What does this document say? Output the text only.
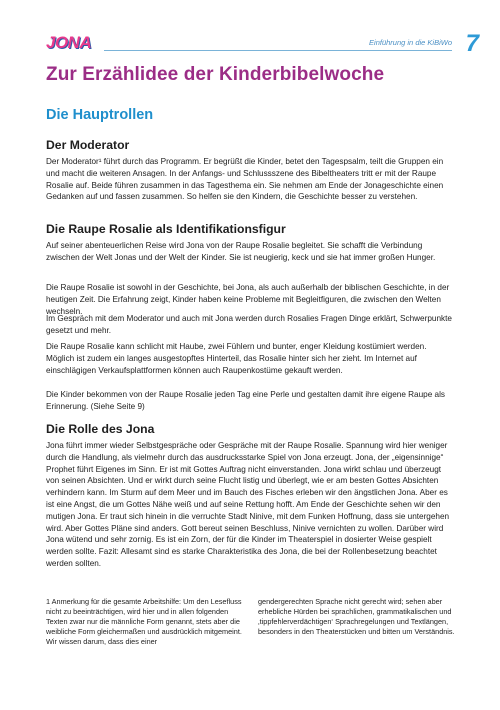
JONA	Einführung in die KiBiWo 7
Zur Erzählidee der Kinderbibelwoche
Die Hauptrollen
Der Moderator

Der Moderator¹ führt durch das Programm. Er begrüßt die Kinder, betet den Tagespsalm, teilt die Gruppen ein und macht die weiteren Ansagen. In der Anfangs- und Schlussszene des Bibeltheaters tritt er mit der Raupe Rosalie auf. Beide führen zusammen in das Tagesthema ein. Sie nehmen am Ende der Jonageschichte einen Gedanken auf und fassen zusammen. So helfen sie den Kindern, die Geschichte besser zu verstehen.

Die Raupe Rosalie als Identifikationsfigur

Auf seiner abenteuerlichen Reise wird Jona von der Raupe Rosalie begleitet. Sie schafft die Verbindung zwischen der Welt Jonas und der Welt der Kinder. Sie ist neugierig, keck und sie hat immer großen Hunger.

Die Raupe Rosalie ist sowohl in der Geschichte, bei Jona, als auch außerhalb der biblischen Geschichte, in der heutigen Zeit. Die Erfahrung zeigt, Kinder haben keine Probleme mit Begleitfiguren, die zwischen den Welten wechseln.

Im Gespräch mit dem Moderator und auch mit Jona werden durch Rosalies Fragen Dinge erklärt, Schwerpunkte gesetzt und mehr.

Die Raupe Rosalie kann schlicht mit Haube, zwei Fühlern und bunter, enger Kleidung kostümiert werden. Möglich ist zudem ein langes ausgestopftes Hinterteil, das Rosalie hinter sich her zieht. Im Internet auf einschlägigen Verkaufsplattformen können auch Raupenkostüme gekauft werden.

Die Kinder bekommen von der Raupe Rosalie jeden Tag eine Perle und gestalten damit ihre eigene Raupe als Erinnerung. (Siehe Seite 9)

Die Rolle des Jona

Jona führt immer wieder Selbstgespräche oder Gespräche mit der Raupe Rosalie. Spannung wird hier weniger durch die Handlung, als vielmehr durch das ausdrucksstarke Spiel von Jona erzeugt. Jona, der „eigensinnige“ Prophet führt Eigenes im Sinn. Er ist mit Gottes Auftrag nicht einverstanden. Jona wirkt schlau und überzeugt von seinen Absichten. Und er wirkt durch seine Flucht listig und überlegt, wie er am besten Gottes Absichten verhindern kann. Im Sturm auf dem Meer und im Bauch des Fisches erleben wir den ängstlichen Jona. Aber es ist eine Angst, die um Gottes Nähe weiß und auf seine Rettung hofft. Am Ende der Geschichte sehen wir den mutigen Jona. Er traut sich hinein in die verruchte Stadt Ninive, mit dem Funken Hoffnung, dass sie untergehen wird. Aber Gottes Pläne sind anders. Gott bereut seinen Beschluss, Ninive vernichten zu wollen. Darüber wird Jona wütend und sehr zornig. Es ist ein Zorn, der für die Kinder im Theaterspiel in dosierter Weise gespielt werden sollte. Fazit: Allesamt sind es starke Charakteristika des Jona, die bei der Rollenbesetzung beachtet werden sollten.

1 Anmerkung für die gesamte Arbeitshilfe: Um den Lesefluss nicht zu beeinträchtigen, wird hier und in allen folgenden Texten zwar nur die männliche Form genannt, stets aber die weibliche Form gleichermaßen und ausdrücklich mitgemeint. Wir wissen darum, dass dies einer

gendergerechten Sprache nicht gerecht wird; sehen aber erhebliche Hürden bei sprachlichen, grammatikalischen und ‚tippfehlerverdächtigen‘ Sprachregelungen und Textlängen, besonders in den Theaterstücken und bitten um Verständnis.
